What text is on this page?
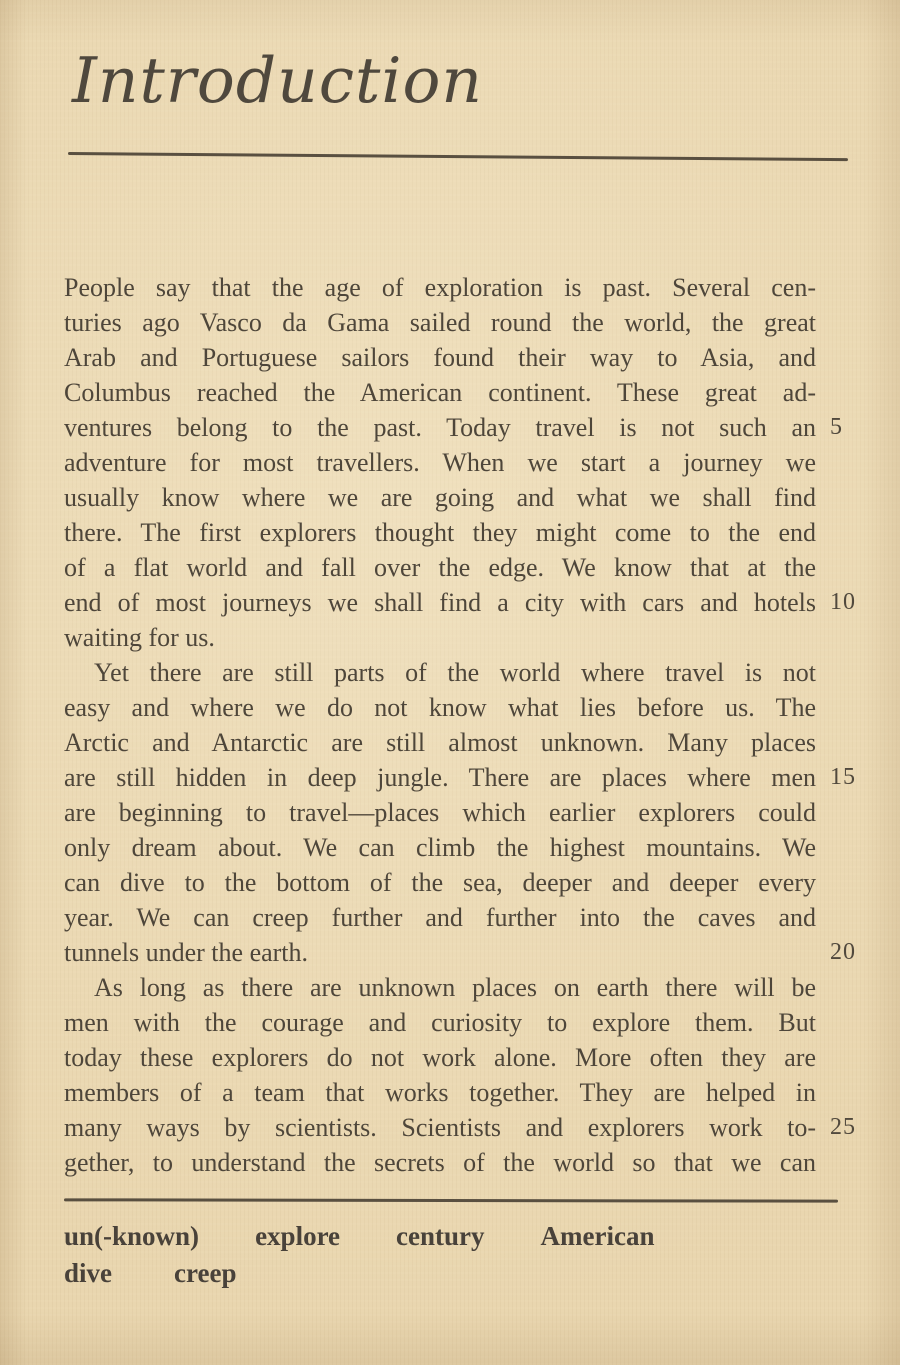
Introduction
People say that the age of exploration is past. Several cen-
turies ago Vasco da Gama sailed round the world, the great
Arab and Portuguese sailors found their way to Asia, and
Columbus reached the American continent. These great ad-
ventures belong to the past. Today travel is not such an
adventure for most travellers. When we start a journey we
usually know where we are going and what we shall find
there. The first explorers thought they might come to the end
of a flat world and fall over the edge. We know that at the
end of most journeys we shall find a city with cars and hotels
waiting for us.
Yet there are still parts of the world where travel is not
easy and where we do not know what lies before us. The
Arctic and Antarctic are still almost unknown. Many places
are still hidden in deep jungle. There are places where men
are beginning to travel—places which earlier explorers could
only dream about. We can climb the highest mountains. We
can dive to the bottom of the sea, deeper and deeper every
year. We can creep further and further into the caves and
tunnels under the earth.
As long as there are unknown places on earth there will be
men with the courage and curiosity to explore them. But
today these explorers do not work alone. More often they are
members of a team that works together. They are helped in
many ways by scientists. Scientists and explorers work to-
gether, to understand the secrets of the world so that we can
5
10
15
20
25
un(-known) explore century American
dive creep
